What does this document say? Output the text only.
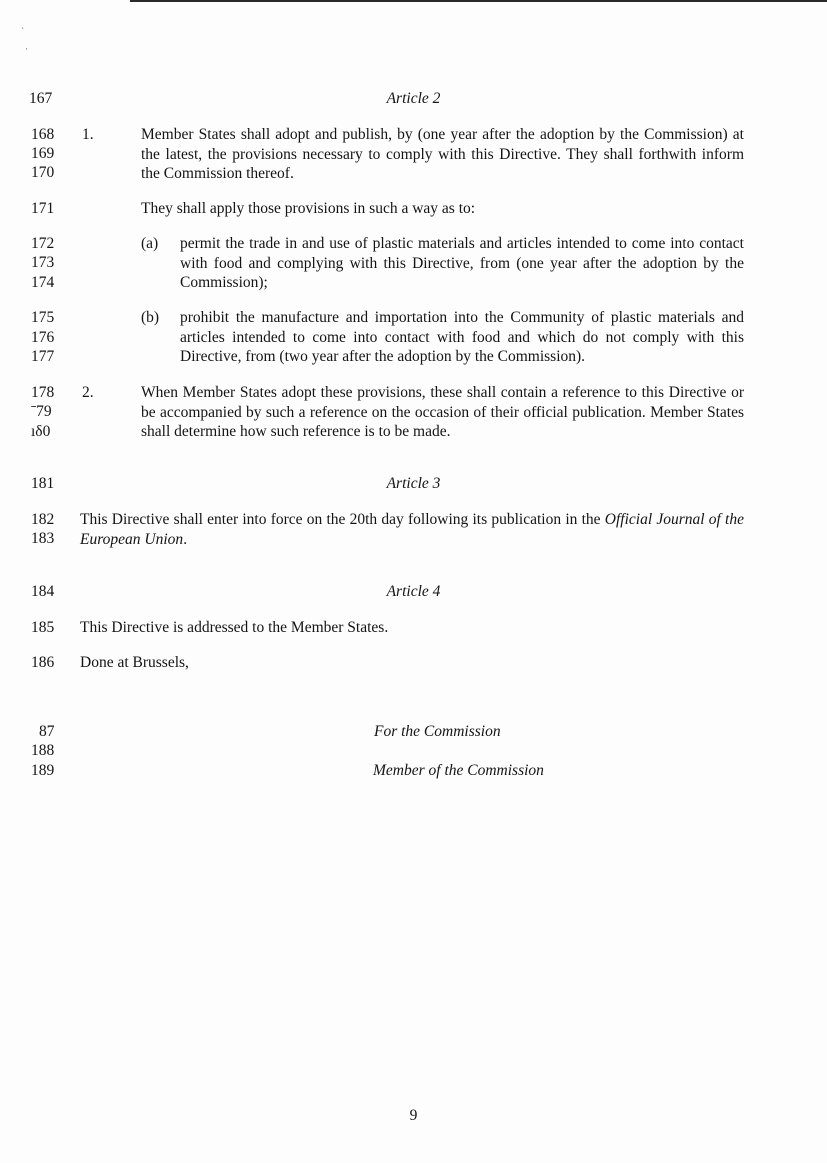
`
·
167
168
169
170
171
172
173
174
175
176
177
178
ˉ79
ıδ0
181
182
183
184
185
186
87
188
189
Article 2
1.	Member States shall adopt and publish, by (one year after the adoption by the Commission) at the latest, the provisions necessary to comply with this Directive. They shall forthwith inform the Commission thereof.

They shall apply those provisions in such a way as to:

(a) permit the trade in and use of plastic materials and articles intended to come into contact with food and complying with this Directive, from (one year after the adoption by the Commission);

(b) prohibit the manufacture and importation into the Community of plastic materials and articles intended to come into contact with food and which do not comply with this Directive, from (two year after the adoption by the Commission).

2.	When Member States adopt these provisions, these shall contain a reference to this Directive or be accompanied by such a reference on the occasion of their official publication. Member States shall determine how such reference is to be made.

Article 3

This Directive shall enter into force on the 20th day following its publication in the Official Journal of the European Union.

Article 4
This Directive is addressed to the Member States.
Done at Brussels,
For the Commission
Member of the Commission
9
